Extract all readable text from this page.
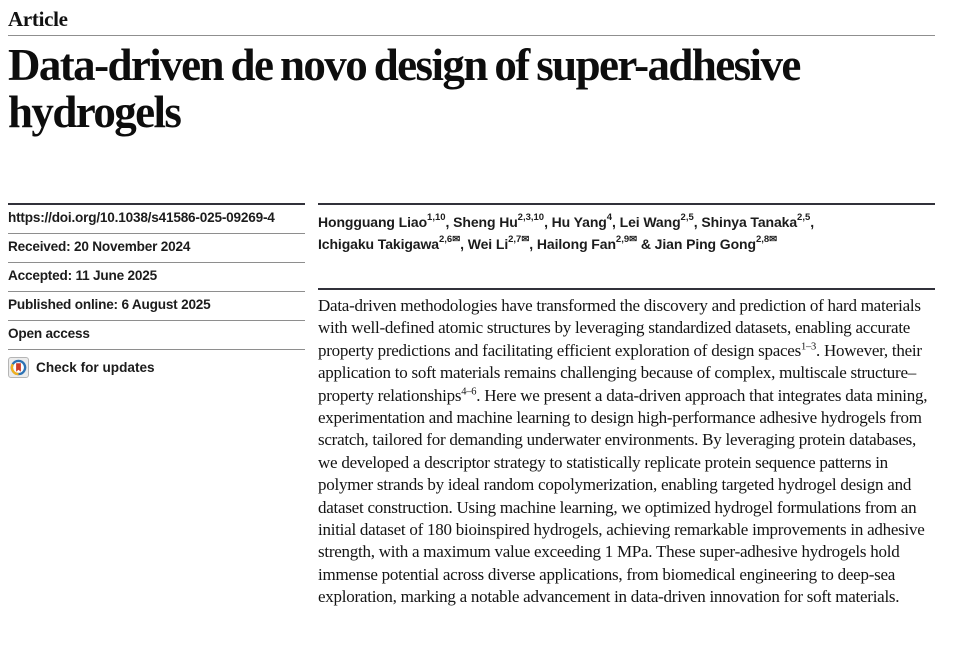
Article
Data-driven de novo design of super-adhesive hydrogels
https://doi.org/10.1038/s41586-025-09269-4
Received: 20 November 2024
Accepted: 11 June 2025
Published online: 6 August 2025
Open access
Check for updates
Hongguang Liao$^{1,10}$, Sheng Hu$^{2,3,10}$, Hu Yang$^4$, Lei Wang$^{2,5}$, Shinya Tanaka$^{2,5}$,
Ichigaku Takigawa$^{2,6✉}$, Wei $Li^{2,7✉}$, Hailong Fan$^{2,9✉}$ & Jian Ping Gong$^{2,8✉}$
Data-driven methodologies have transformed the discovery and prediction of hard materials with well-defined atomic structures by leveraging standardized datasets, enabling accurate property predictions and facilitating efficient exploration of design spaces$^{1-3}$. However, their application to soft materials remains challenging because of complex, multiscale structure–property relationships$^{4-6}$. Here we present a data-driven approach that integrates data mining, experimentation and machine learning to design high-performance adhesive hydrogels from scratch, tailored for demanding underwater environments. By leveraging protein databases, we developed a descriptor strategy to statistically replicate protein sequence patterns in polymer strands by ideal random copolymerization, enabling targeted hydrogel design and dataset construction. Using machine learning, we optimized hydrogel formulations from an initial dataset of 180 bioinspired hydrogels, achieving remarkable improvements in adhesive strength, with a maximum value exceeding 1 MPa. These super-adhesive hydrogels hold immense potential across diverse applications, from biomedical engineering to deep-sea exploration, marking a notable advancement in data-driven innovation for soft materials.
